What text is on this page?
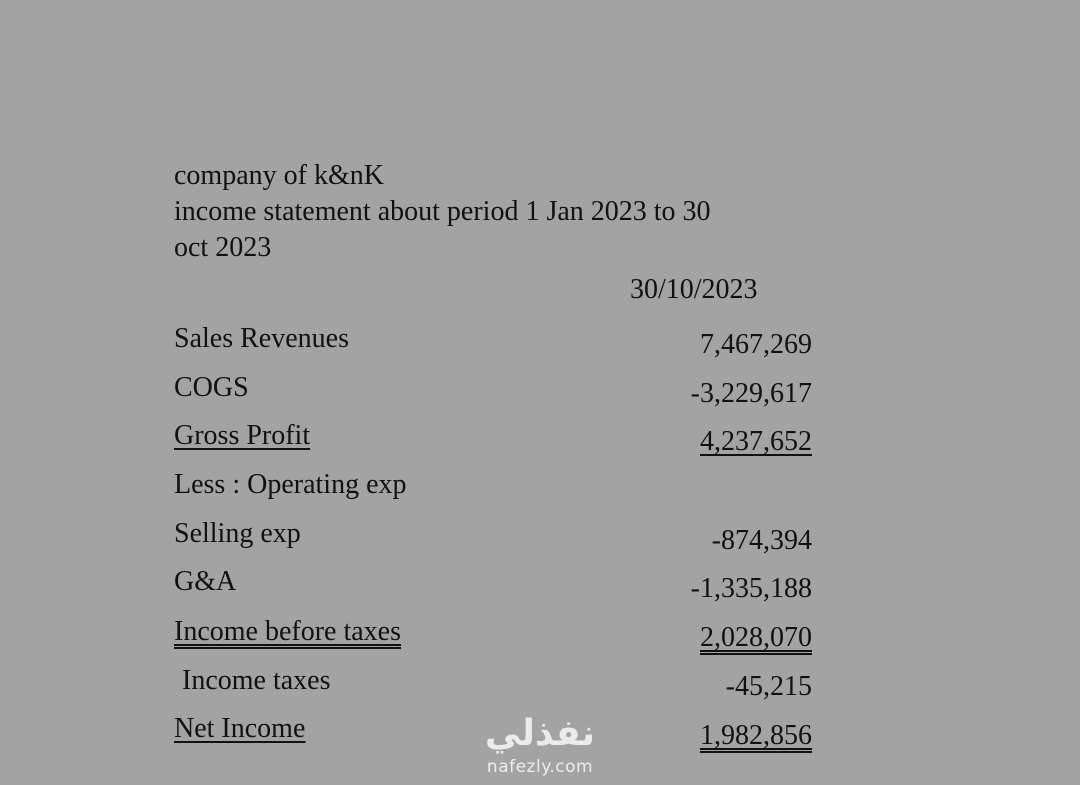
company of k&nK
income statement about period 1 Jan 2023 to 30
oct 2023
30/10/2023
Sales Revenues	7,467,269
COGS	-3,229,617
Gross Profit	4,237,652
Less : Operating exp
Selling exp	-874,394
G&A	-1,335,188
Income before taxes	2,028,070
Income taxes	-45,215
Net Income	1,982,856
نفذلي
nafezly.com
